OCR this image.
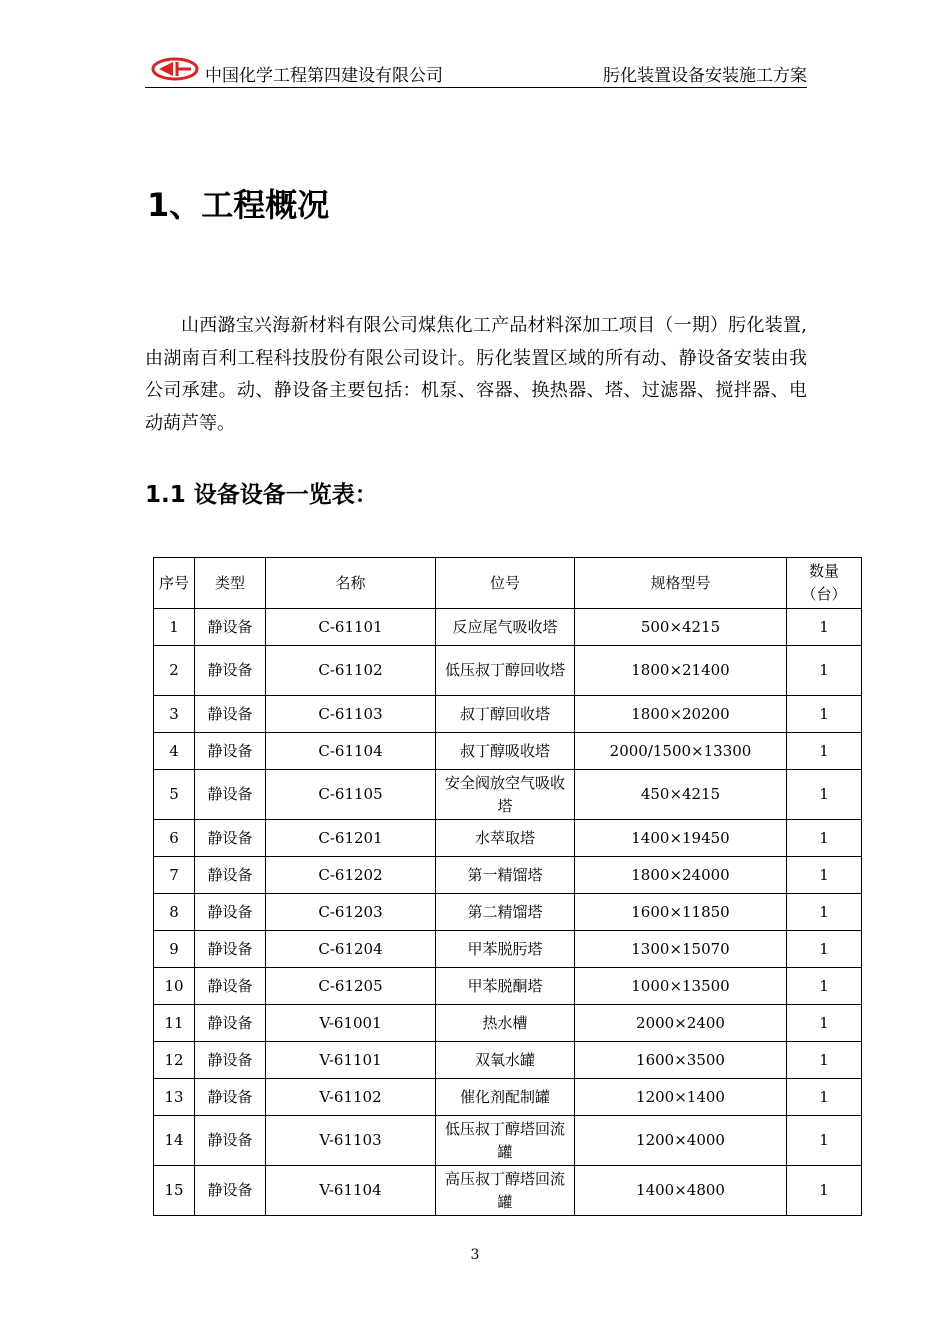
中国化学工程第四建设有限公司	肟化装置设备安装施工方案
1、工程概况
山西潞宝兴海新材料有限公司煤焦化工产品材料深加工项目（一期）肟化装置,由湖南百利工程科技股份有限公司设计。肟化装置区域的所有动、静设备安装由我公司承建。动、静设备主要包括：机泵、容器、换热器、塔、过滤器、搅拌器、电动葫芦等。
1.1 设备设备一览表：
序号	类型	名称	位号	规格型号	数量（台）
1	静设备	C-61101	反应尾气吸收塔	500×4215	1
2	静设备	C-61102	低压叔丁醇回收塔	1800×21400	1
3	静设备	C-61103	叔丁醇回收塔	1800×20200	1
4	静设备	C-61104	叔丁醇吸收塔	2000/1500×13300	1
5	静设备	C-61105	安全阀放空气吸收塔	450×4215	1
6	静设备	C-61201	水萃取塔	1400×19450	1
7	静设备	C-61202	第一精馏塔	1800×24000	1
8	静设备	C-61203	第二精馏塔	1600×11850	1
9	静设备	C-61204	甲苯脱肟塔	1300×15070	1
10	静设备	C-61205	甲苯脱酮塔	1000×13500	1
11	静设备	V-61001	热水槽	2000×2400	1
12	静设备	V-61101	双氧水罐	1600×3500	1
13	静设备	V-61102	催化剂配制罐	1200×1400	1
14	静设备	V-61103	低压叔丁醇塔回流罐	1200×4000	1
15	静设备	V-61104	高压叔丁醇塔回流罐	1400×4800	1
3
